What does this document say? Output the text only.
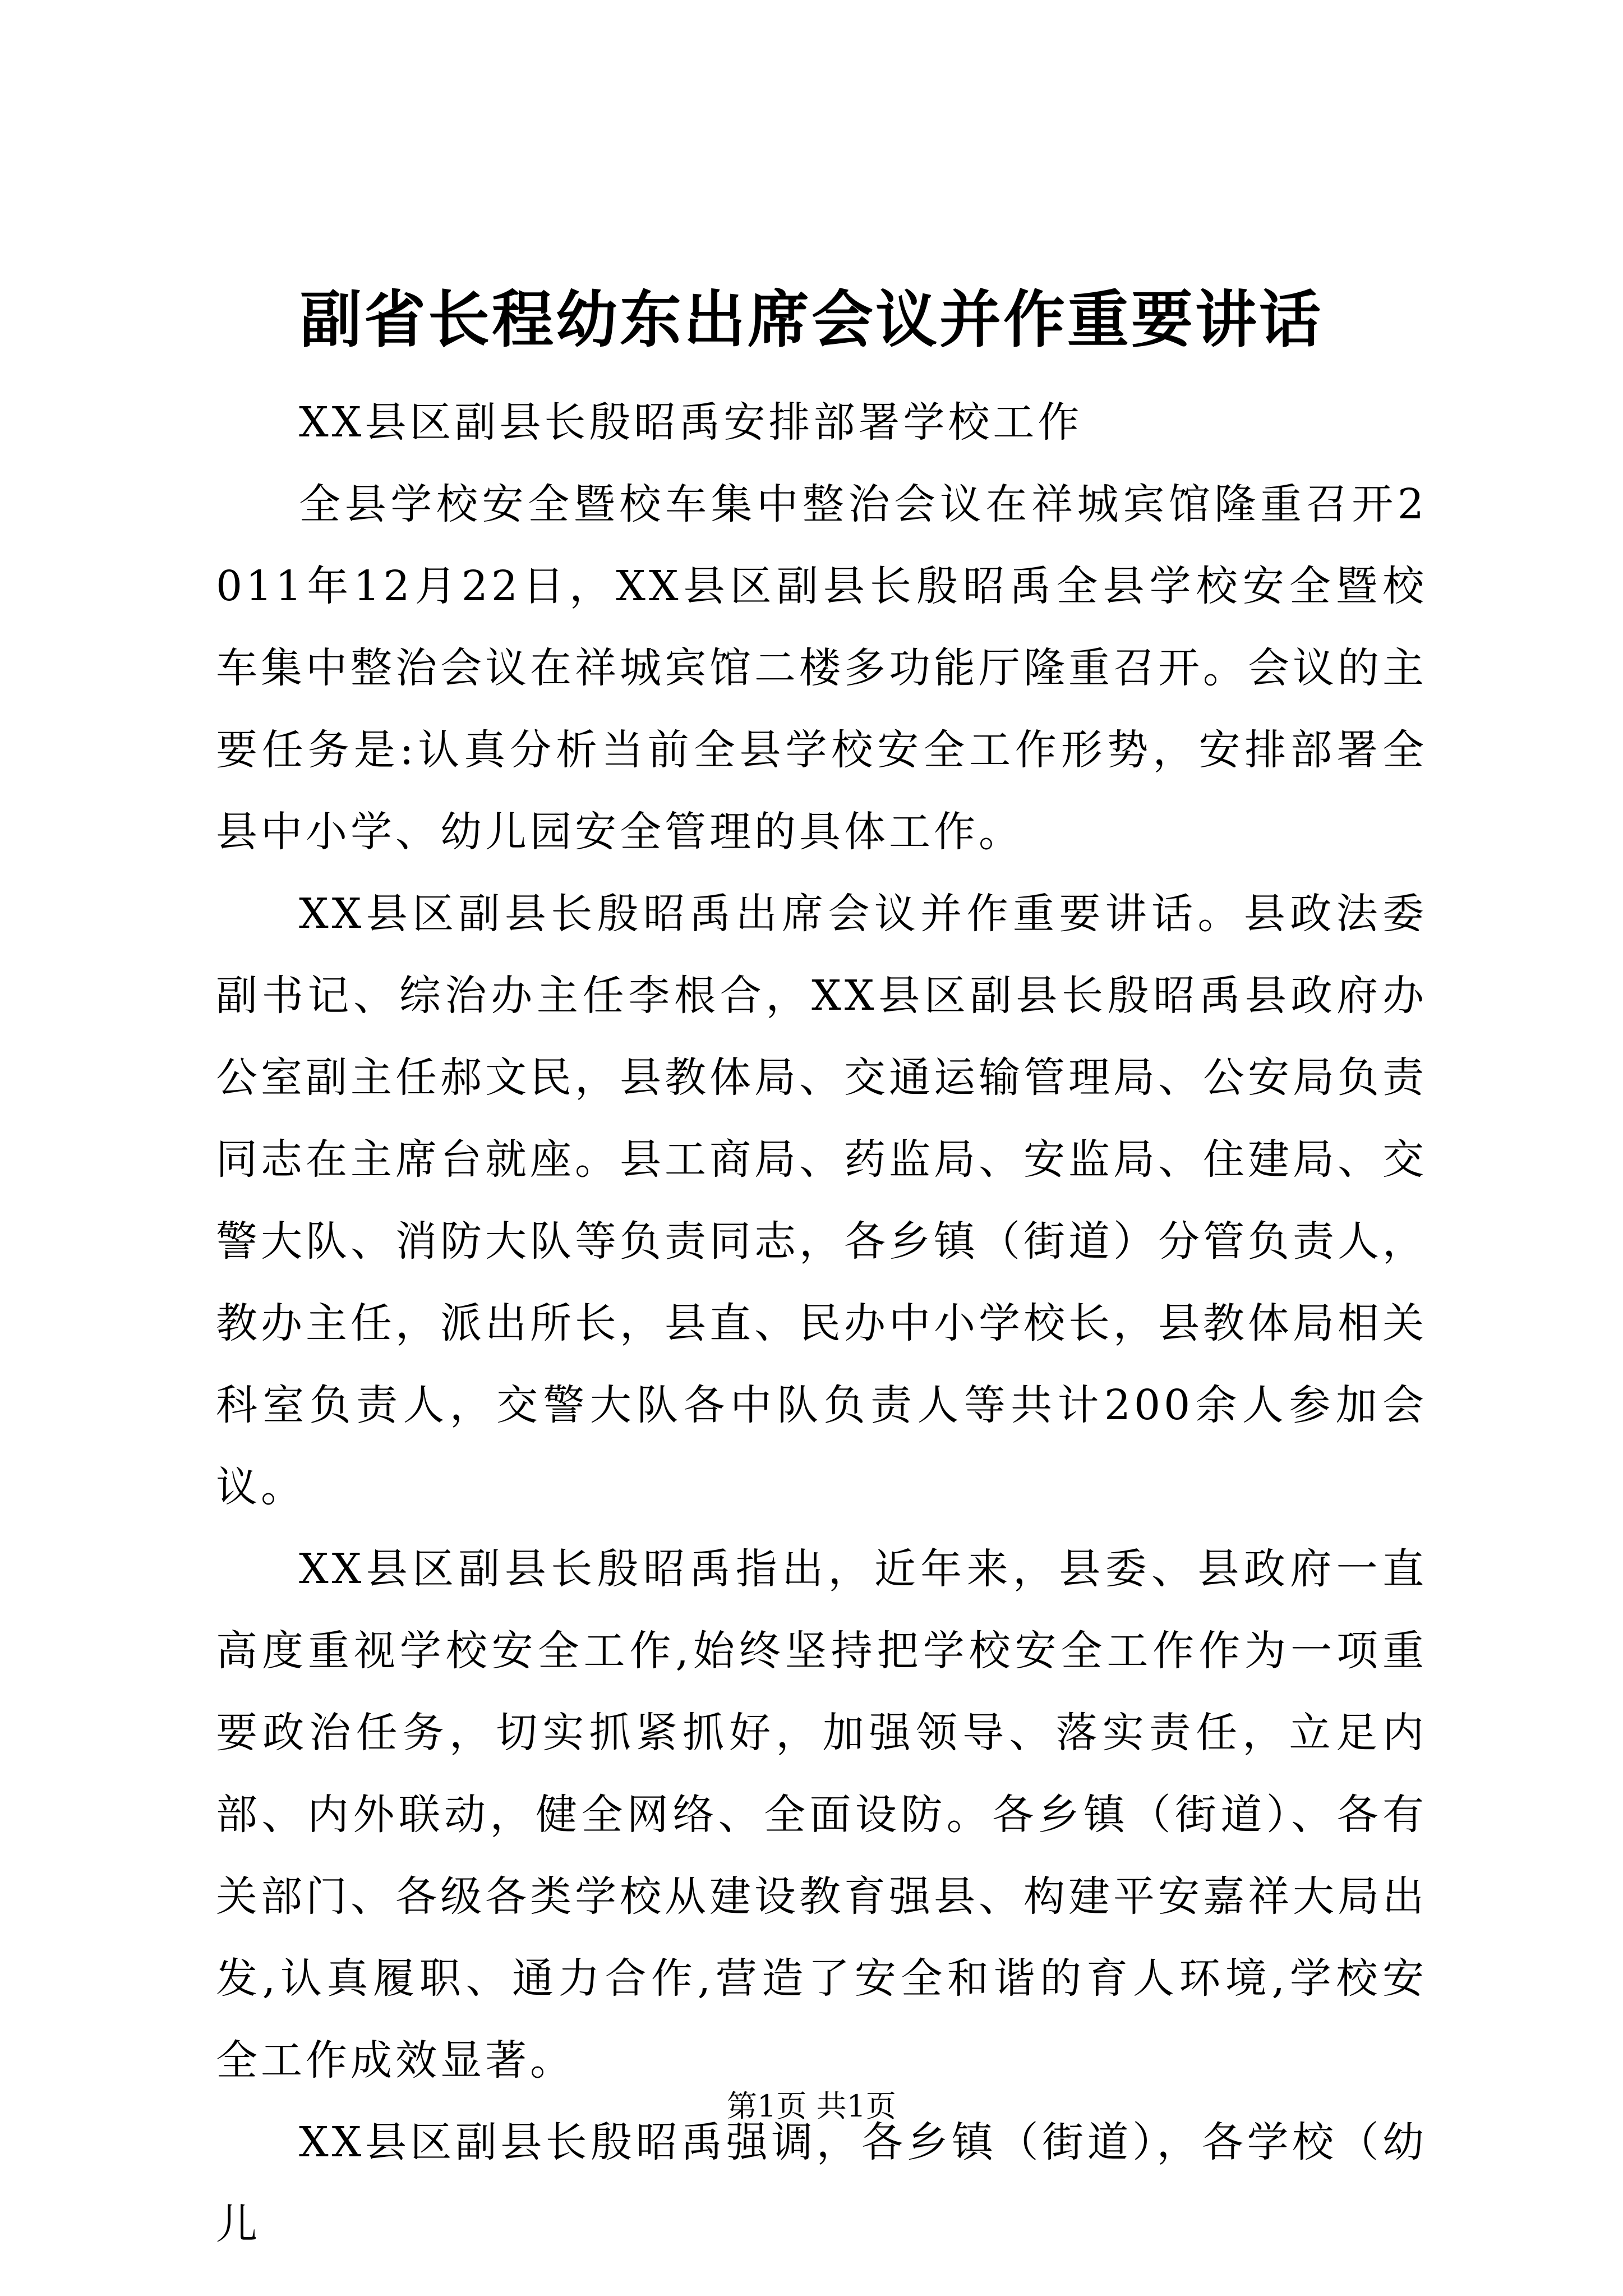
副省长程幼东出席会议并作重要讲话

XX县区副县长殷昭禹安排部署学校工作

全县学校安全暨校车集中整治会议在祥城宾馆隆重召开2011年12月22日，XX县区副县长殷昭禹全县学校安全暨校车集中整治会议在祥城宾馆二楼多功能厅隆重召开。会议的主要任务是:认真分析当前全县学校安全工作形势，安排部署全县中小学、幼儿园安全管理的具体工作。

XX县区副县长殷昭禹出席会议并作重要讲话。县政法委副书记、综治办主任李根合，XX县区副县长殷昭禹县政府办公室副主任郝文民，县教体局、交通运输管理局、公安局负责同志在主席台就座。县工商局、药监局、安监局、住建局、交警大队、消防大队等负责同志，各乡镇（街道）分管负责人，教办主任，派出所长，县直、民办中小学校长，县教体局相关科室负责人，交警大队各中队负责人等共计200余人参加会议。

XX县区副县长殷昭禹指出，近年来，县委、县政府一直高度重视学校安全工作,始终坚持把学校安全工作作为一项重要政治任务，切实抓紧抓好，加强领导、落实责任，立足内部、内外联动，健全网络、全面设防。各乡镇（街道）、各有关部门、各级各类学校从建设教育强县、构建平安嘉祥大局出发,认真履职、通力合作,营造了安全和谐的育人环境,学校安全工作成效显著。

XX县区副县长殷昭禹强调，各乡镇（街道），各学校（幼儿

第1页 共1页
